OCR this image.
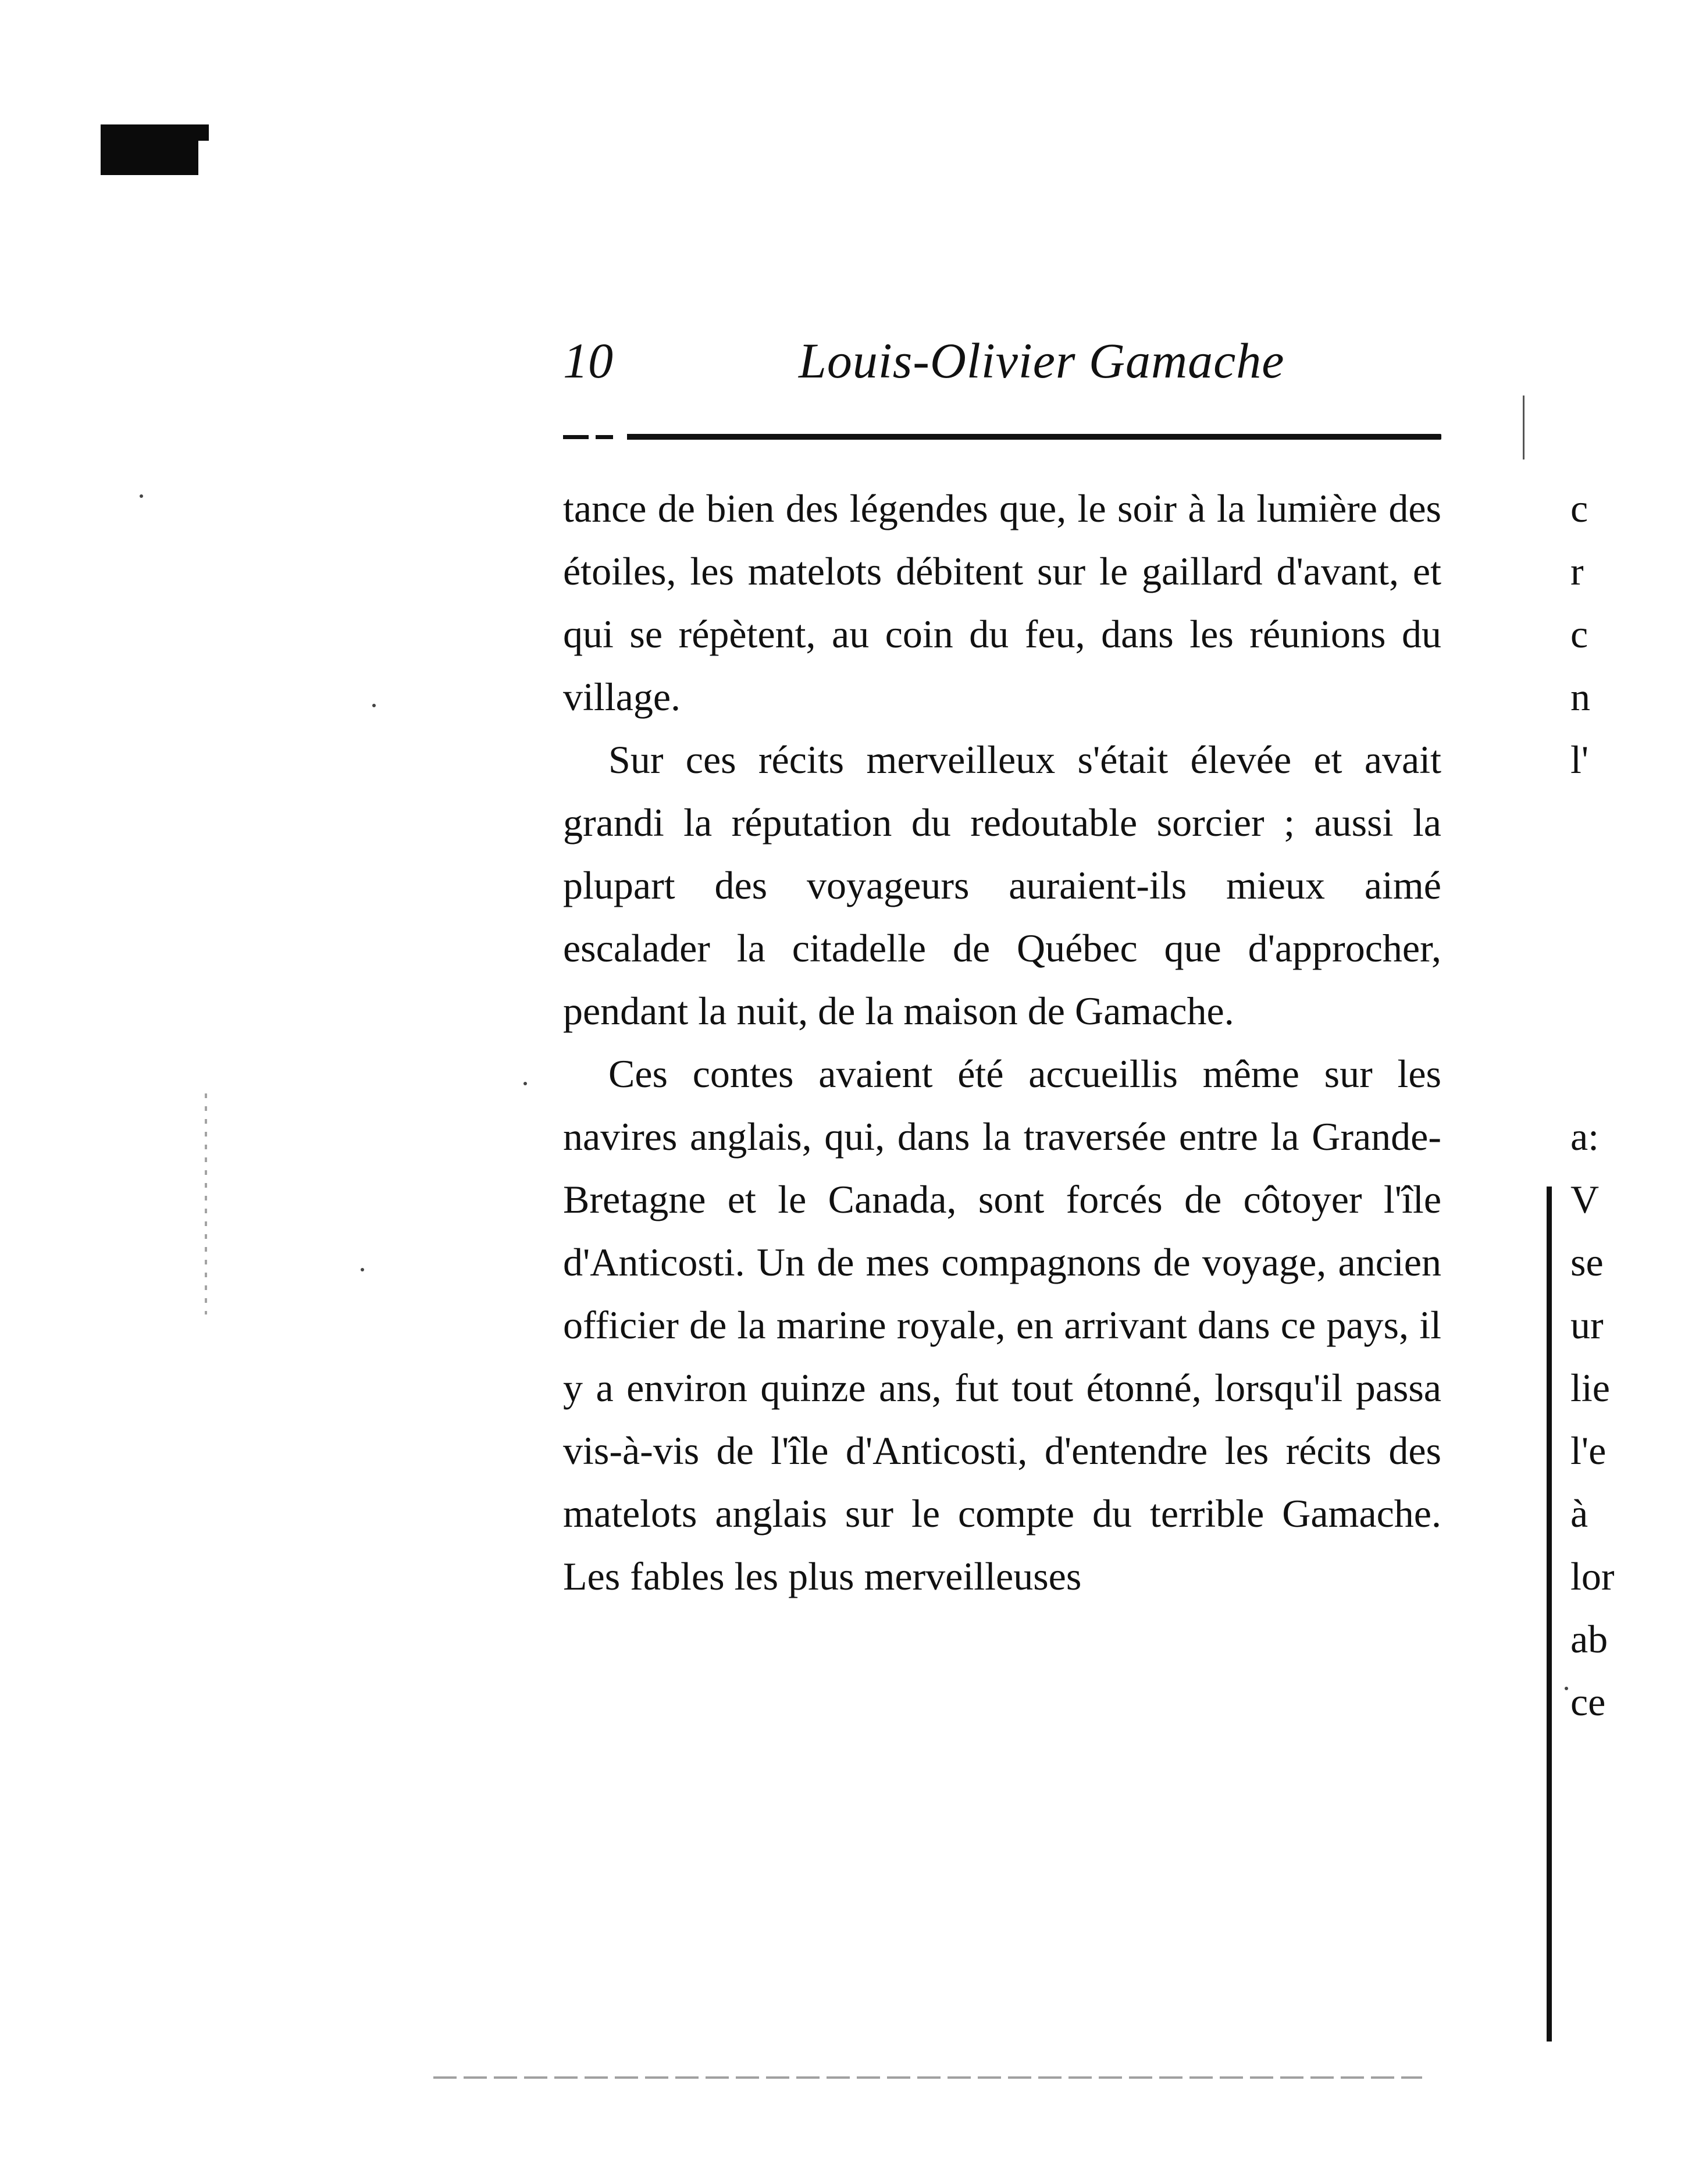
10	Louis-Olivier Gamache

tance de bien des légendes que, le soir à la lumière des étoiles, les matelots débitent sur le gaillard d'avant, et qui se répètent, au coin du feu, dans les réunions du village.

Sur ces récits merveilleux s'était élevée et avait grandi la réputation du redoutable sorcier ; aussi la plupart des voyageurs auraient-ils mieux aimé escalader la citadelle de Québec que d'approcher, pendant la nuit, de la maison de Gamache.

Ces contes avaient été accueillis même sur les navires anglais, qui, dans la traversée entre la Grande-Bretagne et le Canada, sont forcés de côtoyer l'île d'Anticosti. Un de mes compagnons de voyage, ancien officier de la marine royale, en arrivant dans ce pays, il y a environ quinze ans, fut tout étonné, lorsqu'il passa vis-à-vis de l'île d'Anticosti, d'entendre les récits des matelots anglais sur le compte du terrible Gamache. Les fables les plus merveilleuses

c
r
c
n
l'
a:
V
se
ur
lie
l'e
à
lor
ab
ce
